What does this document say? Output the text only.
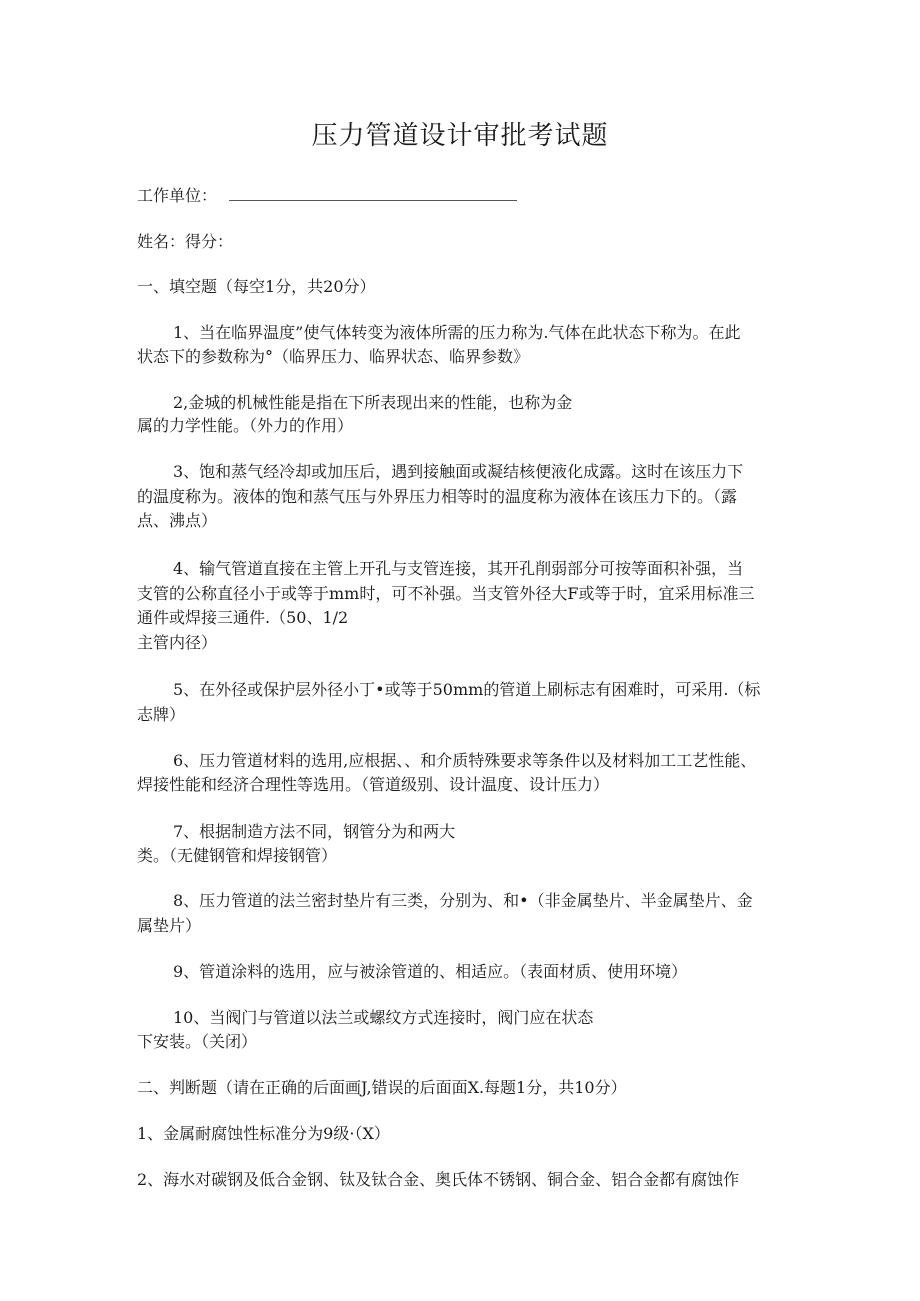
压力管道设计审批考试题
工作单位：
姓名：得分：
一、填空题（每空1分，共20分）
1、当在临界温度”使气体转变为液体所需的压力称为.气体在此状态下称为。在此
状态下的参数称为°（临界压力、临界状态、临界参数》
2,金城的机械性能是指在下所表现出来的性能，也称为金
属的力学性能。（外力的作用）
3、饱和蒸气经冷却或加压后，遇到接触面或凝结核便液化成露。这时在该压力下
的温度称为。液体的饱和蒸气压与外界压力相等时的温度称为液体在该压力下的。（露
点、沸点）
4、输气管道直接在主管上开孔与支管连接，其开孔削弱部分可按等面积补强，当
支管的公称直径小于或等于mm时，可不补强。当支管外径大F或等于时，宜采用标准三
通件或焊接三通件.（50、1/2
主管内径）
5、在外径或保护层外径小丁•或等于50mm的管道上刷标志有困难时，可采用.（标
志牌）
6、压力管道材料的选用,应根据、、和介质特殊要求等条件以及材料加工工艺性能、
焊接性能和经济合理性等选用。（管道级别、设计温度、设计压力）
7、根据制造方法不同，钢管分为和两大
类。（无健钢管和焊接钢管）
8、压力管道的法兰密封垫片有三类，分别为、和•（非金属垫片、半金属垫片、金
属垫片）
9、管道涂料的选用，应与被涂管道的、相适应。（表面材质、使用环境）
10、当阀门与管道以法兰或螺纹方式连接时，阀门应在状态
下安装。（关闭）
二、判断题（请在正确的后面画J,错误的后面面X.每题1分，共10分）
1、金属耐腐蚀性标准分为9级·（X）
2、海水对碳钢及低合金钢、钛及钛合金、奥氏体不锈钢、铜合金、铝合金都有腐蚀作
